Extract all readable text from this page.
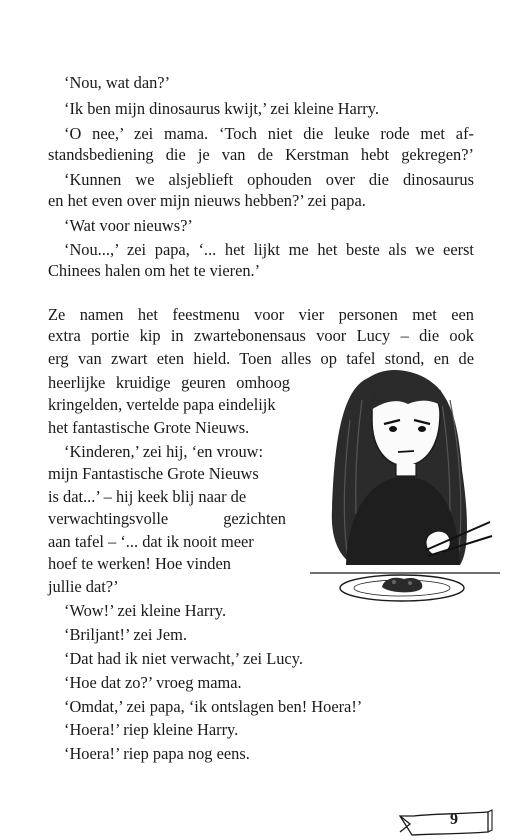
‘Nou, wat dan?’
‘Ik ben mijn dinosaurus kwijt,’ zei kleine Harry.
‘O nee,’ zei mama. ‘Toch niet die leuke rode met af-
standsbediening die je van de Kerstman hebt gekregen?’
‘Kunnen we alsjeblieft ophouden over die dinosaurus
en het even over mijn nieuws hebben?’ zei papa.
‘Wat voor nieuws?’
‘Nou...,’ zei papa, ‘... het lijkt me het beste als we eerst
Chinees halen om het te vieren.’
Ze namen het feestmenu voor vier personen met een
extra portie kip in zwartebonensaus voor Lucy – die ook
erg van zwart eten hield. Toen alles op tafel stond, en de
heerlijke kruidige geuren omhoog
kringelden, vertelde papa eindelijk
het fantastische Grote Nieuws.
‘Kinderen,’ zei hij, ‘en vrouw:
mijn Fantastische Grote Nieuws
is dat...’ – hij keek blij naar de
verwachtingsvolle gezichten
aan tafel – ‘... dat ik nooit meer
hoef te werken! Hoe vinden
jullie dat?’
‘Wow!’ zei kleine Harry.
‘Briljant!’ zei Jem.
‘Dat had ik niet verwacht,’ zei Lucy.
‘Hoe dat zo?’ vroeg mama.
‘Omdat,’ zei papa, ‘ik ontslagen ben! Hoera!’
‘Hoera!’ riep kleine Harry.
‘Hoera!’ riep papa nog eens.
9
